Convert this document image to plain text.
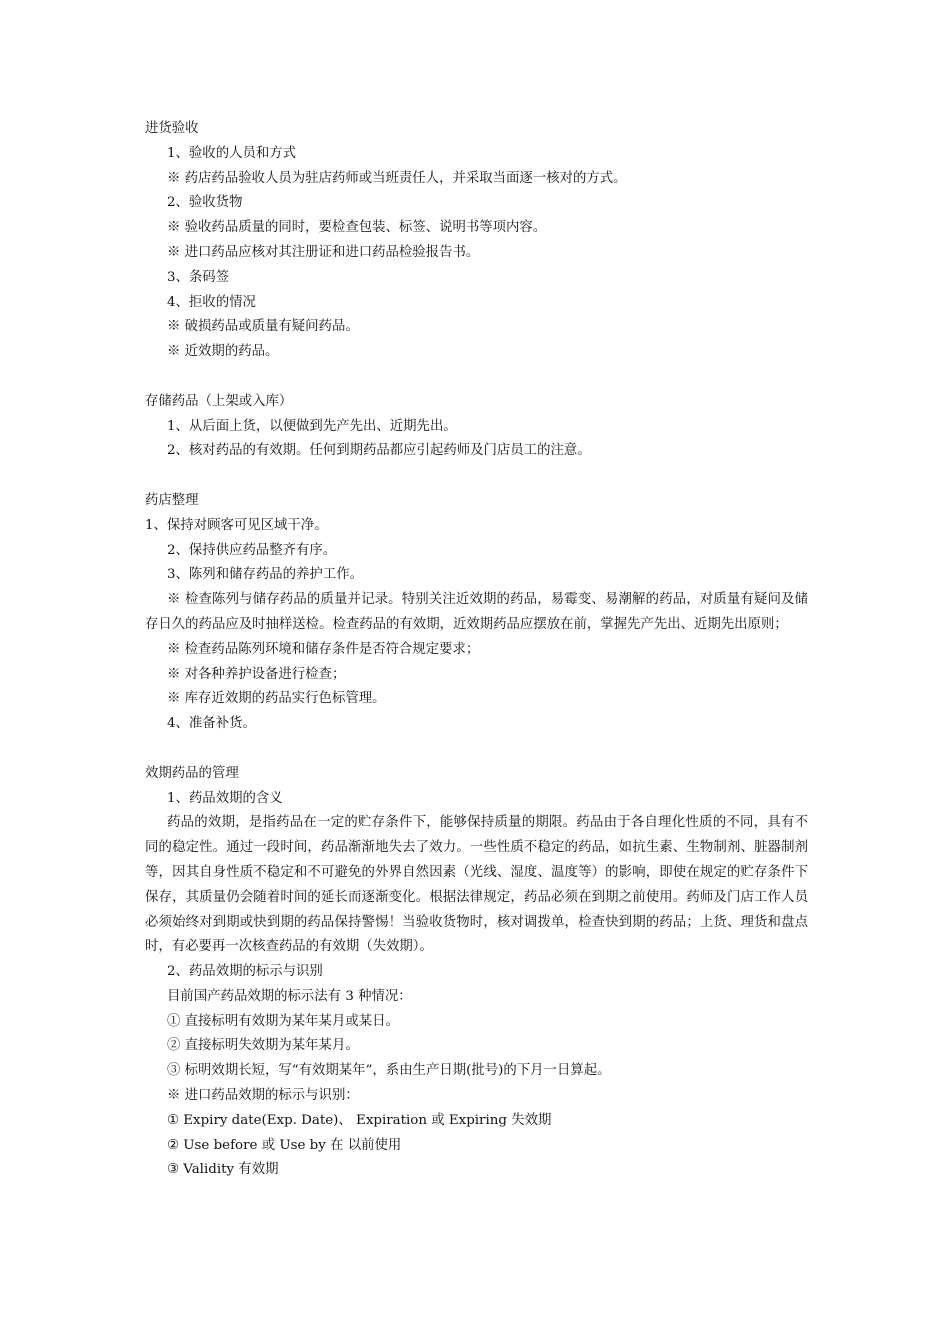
进货验收
1、验收的人员和方式
※ 药店药品验收人员为驻店药师或当班责任人，并采取当面逐一核对的方式。
2、验收货物
※ 验收药品质量的同时，要检查包装、标签、说明书等项内容。
※ 进口药品应核对其注册证和进口药品检验报告书。
3、条码签
4、拒收的情况
※ 破损药品或质量有疑问药品。
※ 近效期的药品。
存储药品（上架或入库）
1、从后面上货，以便做到先产先出、近期先出。
2、核对药品的有效期。任何到期药品都应引起药师及门店员工的注意。
药店整理
1、保持对顾客可见区域干净。
2、保持供应药品整齐有序。
3、陈列和储存药品的养护工作。
※ 检查陈列与储存药品的质量并记录。特别关注近效期的药品，易霉变、易潮解的药品，对质量有疑问及储存日久的药品应及时抽样送检。检查药品的有效期，近效期药品应摆放在前，掌握先产先出、近期先出原则；
※ 检查药品陈列环境和储存条件是否符合规定要求；
※ 对各种养护设备进行检查；
※ 库存近效期的药品实行色标管理。
4、准备补货。
效期药品的管理
1、药品效期的含义
药品的效期，是指药品在一定的贮存条件下，能够保持质量的期限。药品由于各自理化性质的不同，具有不同的稳定性。通过一段时间，药品渐渐地失去了效力。一些性质不稳定的药品，如抗生素、生物制剂、脏器制剂等，因其自身性质不稳定和不可避免的外界自然因素（光线、湿度、温度等）的影响，即使在规定的贮存条件下保存，其质量仍会随着时间的延长而逐渐变化。根据法律规定，药品必须在到期之前使用。药师及门店工作人员必须始终对到期或快到期的药品保持警惕！当验收货物时，核对调拨单，检查快到期的药品；上货、理货和盘点时，有必要再一次核查药品的有效期（失效期）。
2、药品效期的标示与识别
目前国产药品效期的标示法有 3 种情况：
① 直接标明有效期为某年某月或某日。
② 直接标明失效期为某年某月。
③ 标明效期长短，写“有效期某年”，系由生产日期(批号)的下月一日算起。
※ 进口药品效期的标示与识别：
① Expiry date(Exp. Date)、 Expiration 或 Expiring 失效期
② Use before 或 Use by 在 以前使用
③ Validity 有效期
